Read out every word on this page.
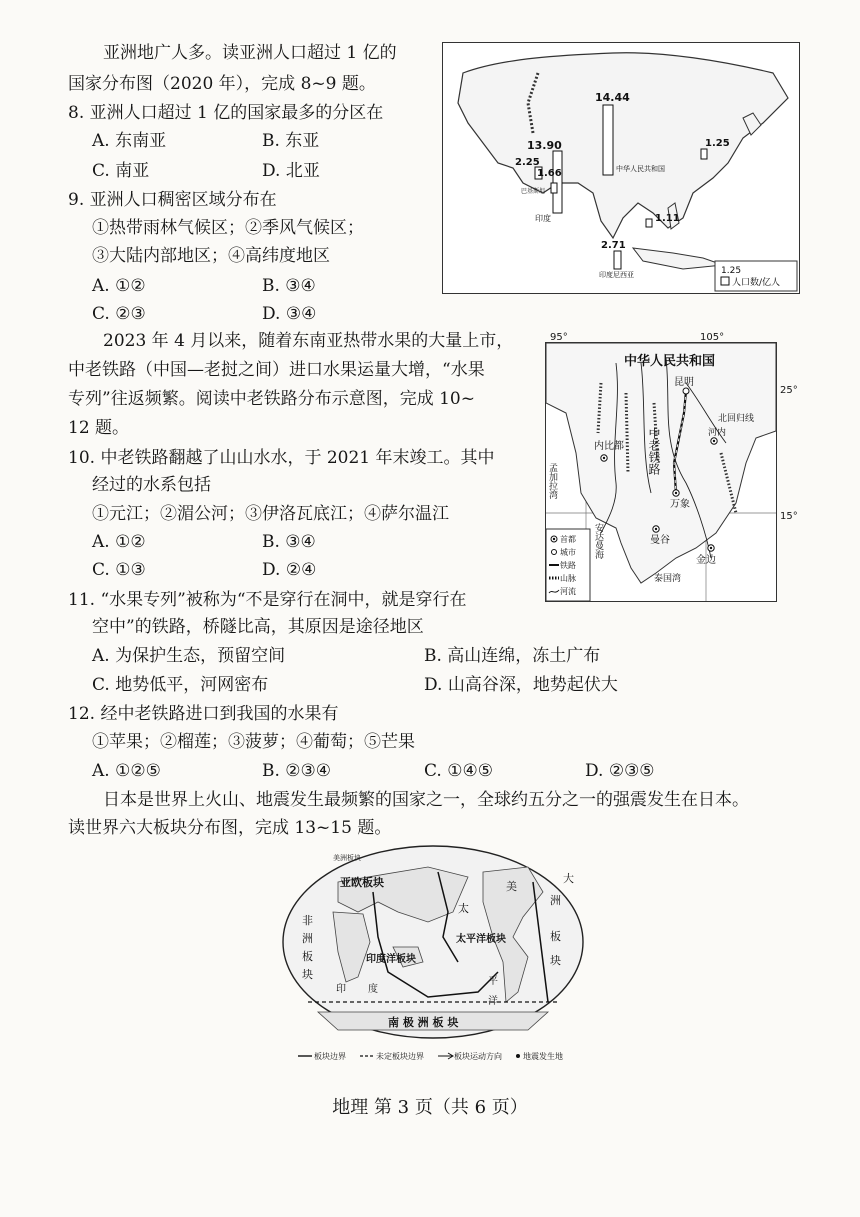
亚洲地广人多。读亚洲人口超过 1 亿的
国家分布图（2020 年），完成 8~9 题。
8. 亚洲人口超过 1 亿的国家最多的分区在
A. 东南亚	B. 东亚
C. 南亚	D. 北亚
9. 亚洲人口稠密区域分布在
①热带雨林气候区；②季风气候区；
③大陆内部地区；④高纬度地区
A. ①②	B. ③④
C. ②③	D. ③④
14.44
13.90
2.25
1.66
1.25
1.11
2.71
中华人民共和国
印度
巴基斯坦
印度尼西亚	1.25
人口数/亿人
2023 年 4 月以来，随着东南亚热带水果的大量上市，
中老铁路（中国—老挝之间）进口水果运量大增，“水果
专列”往返频繁。阅读中老铁路分布示意图，完成 10~
12 题。
中华人民共和国
昆明
北回归线
河内
内比都
万象
曼谷
金边
中老铁路
孟加拉湾
安达曼海
泰国湾
首都
城市
铁路
山脉
河流
95°	105°
25°
15°
10. 中老铁路翻越了山山水水，于 2021 年末竣工。其中
经过的水系包括
①元江；②湄公河；③伊洛瓦底江；④萨尔温江
A. ①②	B. ③④
C. ①③	D. ②④
11. “水果专列”被称为“不是穿行在洞中，就是穿行在
空中”的铁路，桥隧比高，其原因是途径地区
A. 为保护生态，预留空间	B. 高山连绵，冻土广布
C. 地势低平，河网密布	D. 山高谷深，地势起伏大
12. 经中老铁路进口到我国的水果有
①苹果；②榴莲；③菠萝；④葡萄；⑤芒果
A. ①②⑤	B. ②③④	C. ①④⑤	D. ②③⑤
日本是世界上火山、地震发生最频繁的国家之一，全球约五分之一的强震发生在日本。
读世界六大板块分布图，完成 13~15 题。
美洲板块
亚欧板块
非
洲
板
块
太
太平洋板块
印度洋板块
印 度
美
洲
板
块
大
平
洋
南 极 洲 板 块
板块边界	未定板块边界	板块运动方向	地震发生地
地理 第 3 页（共 6 页）
